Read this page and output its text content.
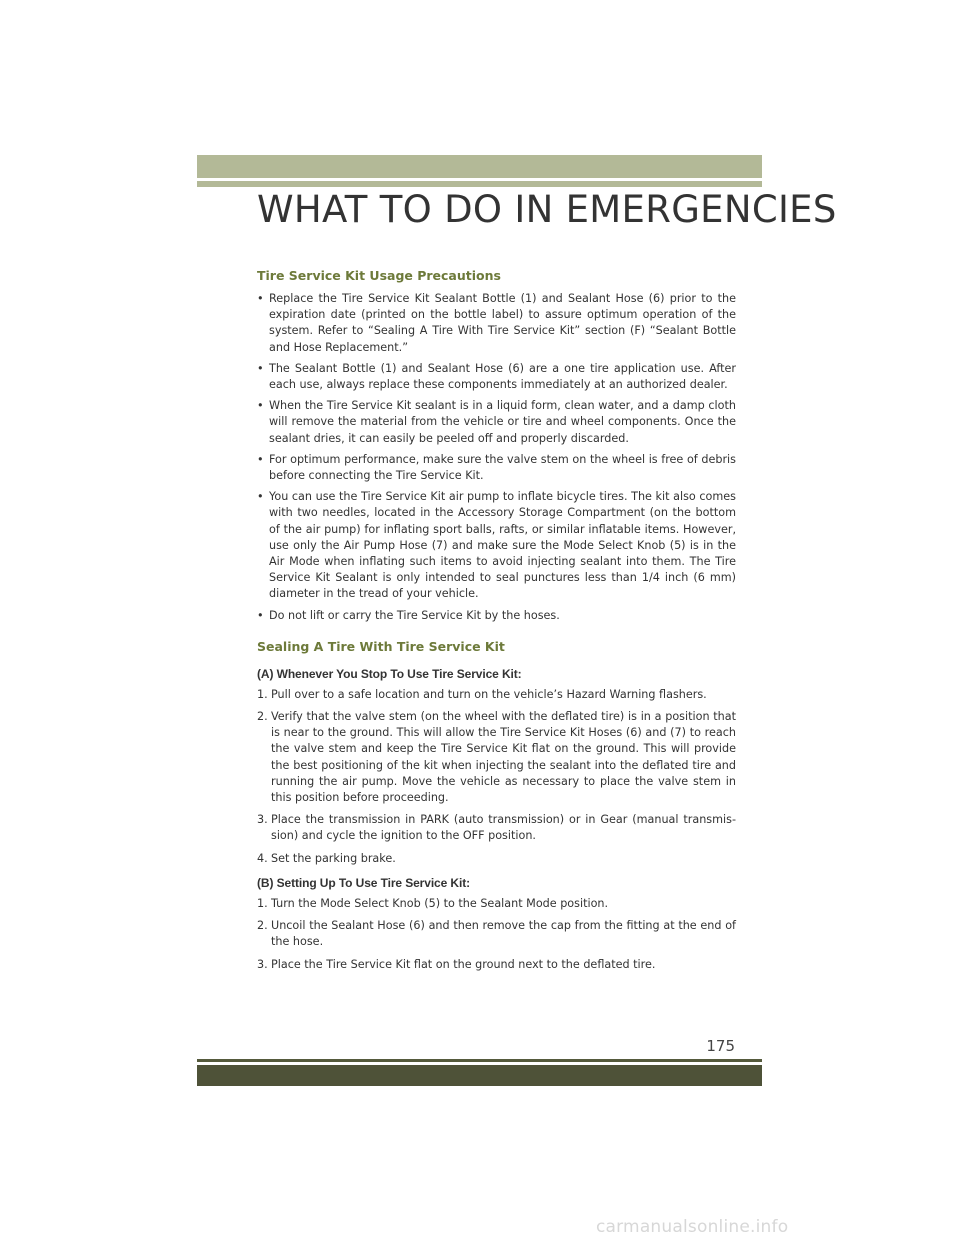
WHAT TO DO IN EMERGENCIES
Tire Service Kit Usage Precautions
• Replace the Tire Service Kit Sealant Bottle (1) and Sealant Hose (6) prior to the expiration date (printed on the bottle label) to assure optimum operation of the system. Refer to “Sealing A Tire With Tire Service Kit” section (F) “Sealant Bottle and Hose Replacement.”
• The Sealant Bottle (1) and Sealant Hose (6) are a one tire application use. After each use, always replace these components immediately at an authorized dealer.
• When the Tire Service Kit sealant is in a liquid form, clean water, and a damp cloth will remove the material from the vehicle or tire and wheel components. Once the sealant dries, it can easily be peeled off and properly discarded.
• For optimum performance, make sure the valve stem on the wheel is free of debris before connecting the Tire Service Kit.
• You can use the Tire Service Kit air pump to inflate bicycle tires. The kit also comes with two needles, located in the Accessory Storage Compartment (on the bottom of the air pump) for inflating sport balls, rafts, or similar inflatable items. However, use only the Air Pump Hose (7) and make sure the Mode Select Knob (5) is in the Air Mode when inflating such items to avoid injecting sealant into them. The Tire Service Kit Sealant is only intended to seal punctures less than 1/4 inch (6 mm) diameter in the tread of your vehicle.
• Do not lift or carry the Tire Service Kit by the hoses.
Sealing A Tire With Tire Service Kit
(A) Whenever You Stop To Use Tire Service Kit:
1. Pull over to a safe location and turn on the vehicle’s Hazard Warning flashers.
2. Verify that the valve stem (on the wheel with the deflated tire) is in a position that is near to the ground. This will allow the Tire Service Kit Hoses (6) and (7) to reach the valve stem and keep the Tire Service Kit flat on the ground. This will provide the best positioning of the kit when injecting the sealant into the deflated tire and running the air pump. Move the vehicle as necessary to place the valve stem in this position before proceeding.
3. Place the transmission in PARK (auto transmission) or in Gear (manual transmis- sion) and cycle the ignition to the OFF position.
4. Set the parking brake.
(B) Setting Up To Use Tire Service Kit:
1. Turn the Mode Select Knob (5) to the Sealant Mode position.
2. Uncoil the Sealant Hose (6) and then remove the cap from the fitting at the end of the hose.
3. Place the Tire Service Kit flat on the ground next to the deflated tire.
175
carmanualsonline.info
